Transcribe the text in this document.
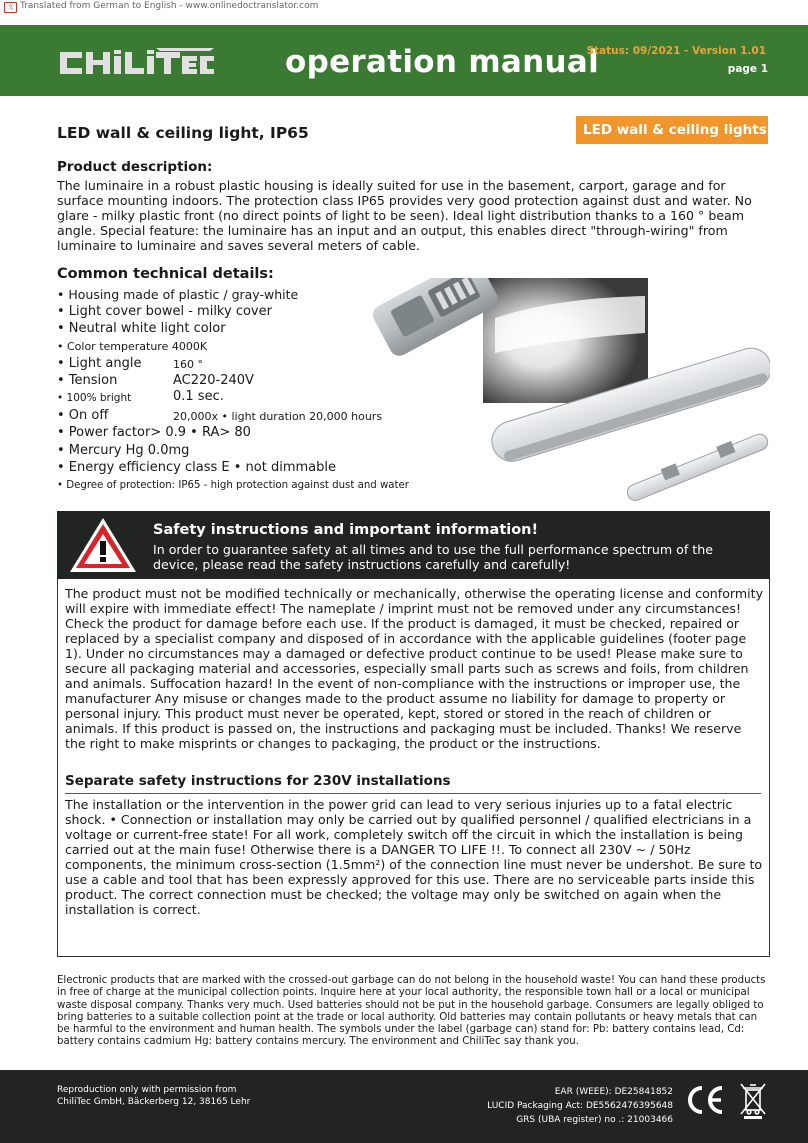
文 Translated from German to English - www.onlinedoctranslator.com
operation manual
Status: 09/2021 - Version 1.01
page 1
LED wall & ceiling light, IP65	LED wall & ceiling lights
Product description:
The luminaire in a robust plastic housing is ideally suited for use in the basement, carport, garage and for surface mounting indoors. The protection class IP65 provides very good protection against dust and water. No glare - milky plastic front (no direct points of light to be seen). Ideal light distribution thanks to a 160 ° beam angle. Special feature: the luminaire has an input and an output, this enables direct "through-wiring" from luminaire to luminaire and saves several meters of cable.
Common technical details:
• Housing made of plastic / gray-white
• Light cover bowel - milky cover
• Neutral white light color
• Color temperature 4000K
• Light angle	160 °
• Tension	AC220-240V
• 100% bright	0.1 sec.
• On off	20,000x • light duration 20,000 hours
• Power factor> 0.9 • RA> 80
• Mercury Hg 0.0mg
• Energy efficiency class E • not dimmable
• Degree of protection: IP65 - high protection against dust and water
Safety instructions and important information!
In order to guarantee safety at all times and to use the full performance spectrum of the device, please read the safety instructions carefully and carefully!
The product must not be modified technically or mechanically, otherwise the operating license and conformity will expire with immediate effect! The nameplate / imprint must not be removed under any circumstances! Check the product for damage before each use. If the product is damaged, it must be checked, repaired or replaced by a specialist company and disposed of in accordance with the applicable guidelines (footer page 1). Under no circumstances may a damaged or defective product continue to be used! Please make sure to secure all packaging material and accessories, especially small parts such as screws and foils, from children and animals. Suffocation hazard! In the event of non-compliance with the instructions or improper use, the manufacturer Any misuse or changes made to the product assume no liability for damage to property or personal injury. This product must never be operated, kept, stored or stored in the reach of children or animals. If this product is passed on, the instructions and packaging must be included. Thanks! We reserve the right to make misprints or changes to packaging, the product or the instructions.
Separate safety instructions for 230V installations
The installation or the intervention in the power grid can lead to very serious injuries up to a fatal electric shock. • Connection or installation may only be carried out by qualified personnel / qualified electricians in a voltage or current-free state! For all work, completely switch off the circuit in which the installation is being carried out at the main fuse! Otherwise there is a DANGER TO LIFE !!. To connect all 230V ~ / 50Hz components, the minimum cross-section (1.5mm²) of the connection line must never be undershot. Be sure to use a cable and tool that has been expressly approved for this use. There are no serviceable parts inside this product. The correct connection must be checked; the voltage may only be switched on again when the installation is correct.
Electronic products that are marked with the crossed-out garbage can do not belong in the household waste! You can hand these products in free of charge at the municipal collection points. Inquire here at your local authority, the responsible town hall or a local or municipal waste disposal company. Thanks very much. Used batteries should not be put in the household garbage. Consumers are legally obliged to bring batteries to a suitable collection point at the trade or local authority. Old batteries may contain pollutants or heavy metals that can be harmful to the environment and human health. The symbols under the label (garbage can) stand for: Pb: battery contains lead, Cd: battery contains cadmium Hg: battery contains mercury. The environment and ChiliTec say thank you.
Reproduction only with permission from
ChiliTec GmbH, Bäckerberg 12, 38165 Lehr
EAR (WEEE): DE25841852
LUCID Packaging Act: DE5562476395648
GRS (UBA register) no .: 21003466
